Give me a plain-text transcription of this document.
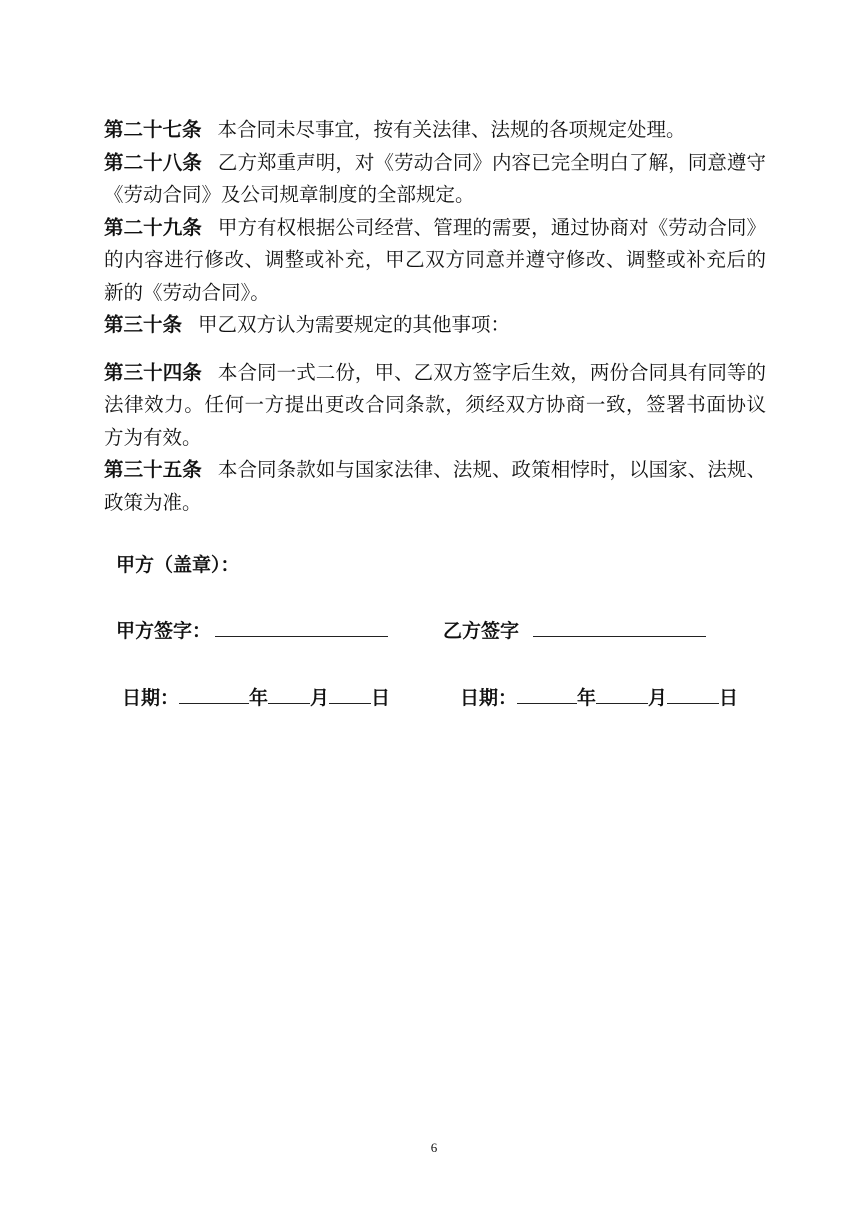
第二十七条 本合同未尽事宜，按有关法律、法规的各项规定处理。

第二十八条 乙方郑重声明，对《劳动合同》内容已完全明白了解，同意遵守《劳动合同》及公司规章制度的全部规定。

第二十九条 甲方有权根据公司经营、管理的需要，通过协商对《劳动合同》的内容进行修改、调整或补充，甲乙双方同意并遵守修改、调整或补充后的新的《劳动合同》。

第三十条 甲乙双方认为需要规定的其他事项：

第三十四条 本合同一式二份，甲、乙双方签字后生效，两份合同具有同等的法律效力。任何一方提出更改合同条款，须经双方协商一致，签署书面协议方为有效。

第三十五条 本合同条款如与国家法律、法规、政策相悖时，以国家、法规、政策为准。

甲方（盖章）：
甲方签字：	乙方签字
日期：	年 月 日	日期：	年	月	日
6
